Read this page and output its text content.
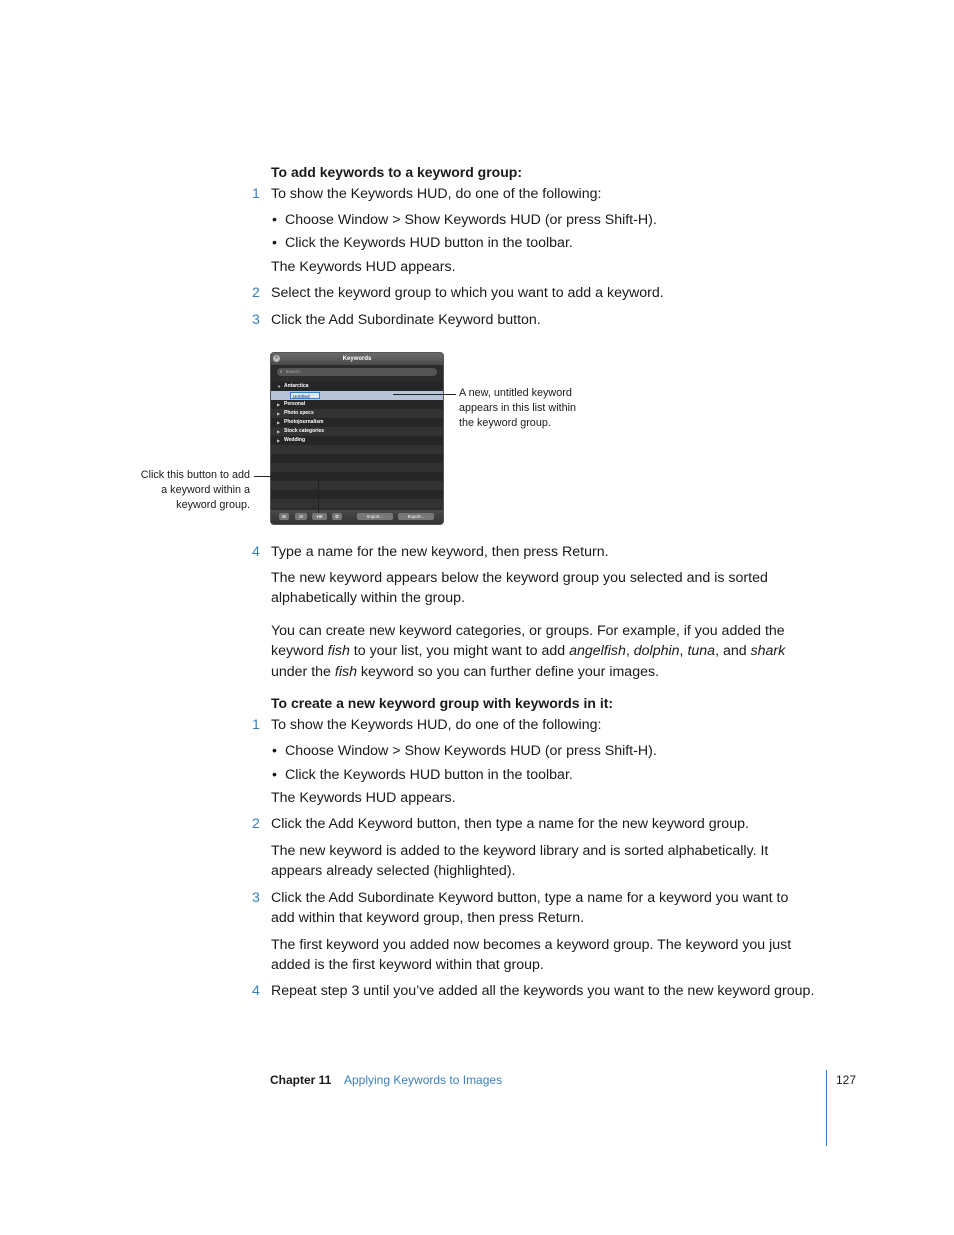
To add keywords to a keyword group:
1 To show the Keywords HUD, do one of the following:
• Choose Window > Show Keywords HUD (or press Shift-H).
• Click the Keywords HUD button in the toolbar.
The Keywords HUD appears.
2 Select the keyword group to which you want to add a keyword.
3 Click the Add Subordinate Keyword button.
Keywords
×
⌕ Search
▼ Antarctica
Untitled
▶ Personal
▶ Photo specs
▶ Photojournalism
▶ Stock categories
▶ Wedding
⊞	⊟	▾⊞	⚙	Import...	Export...
A new, untitled keyword
appears in this list within
the keyword group.
Click this button to add
a keyword within a
keyword group.
4 Type a name for the new keyword, then press Return.
The new keyword appears below the keyword group you selected and is sorted
alphabetically within the group.
You can create new keyword categories, or groups. For example, if you added the
keyword fish to your list, you might want to add angelfish, dolphin, tuna, and shark
under the fish keyword so you can further define your images.
To create a new keyword group with keywords in it:
1 To show the Keywords HUD, do one of the following:
• Choose Window > Show Keywords HUD (or press Shift-H).
• Click the Keywords HUD button in the toolbar.
The Keywords HUD appears.
2 Click the Add Keyword button, then type a name for the new keyword group.
The new keyword is added to the keyword library and is sorted alphabetically. It
appears already selected (highlighted).
3 Click the Add Subordinate Keyword button, type a name for a keyword you want to
add within that keyword group, then press Return.
The first keyword you added now becomes a keyword group. The keyword you just
added is the first keyword within that group.
4 Repeat step 3 until you’ve added all the keywords you want to the new keyword group.
Chapter 11 Applying Keywords to Images	127
